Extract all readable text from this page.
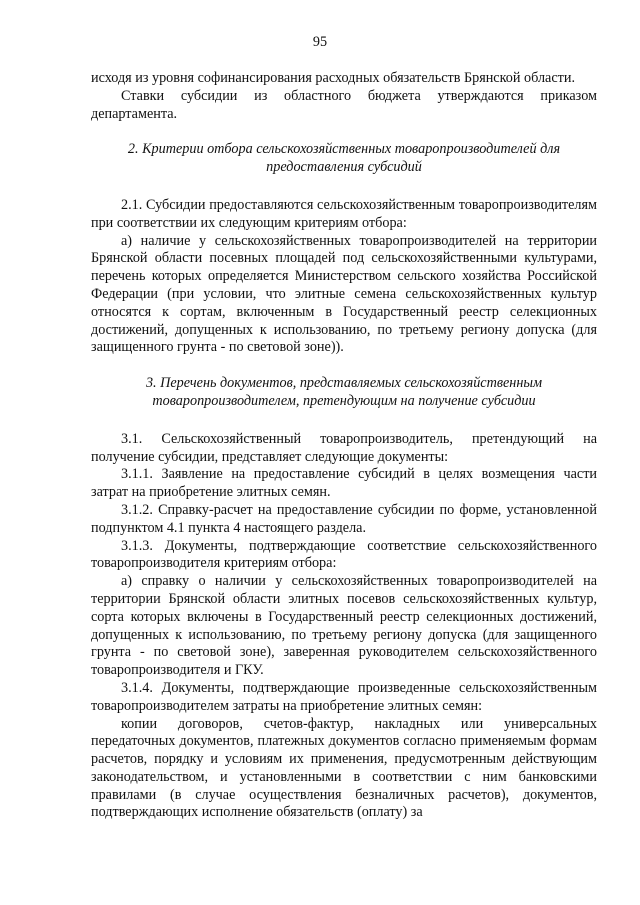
95

исходя из уровня софинансирования расходных обязательств Брянской области.

Ставки субсидии из областного бюджета утверждаются приказом департамента.

2. Критерии отбора сельскохозяйственных товаропроизводителей для предоставления субсидий

2.1. Субсидии предоставляются сельскохозяйственным товаропроизводителям при соответствии их следующим критериям отбора:

а) наличие у сельскохозяйственных товаропроизводителей на территории Брянской области посевных площадей под сельскохозяйственными культурами, перечень которых определяется Министерством сельского хозяйства Российской Федерации (при условии, что элитные семена сельскохозяйственных культур относятся к сортам, включенным в Государственный реестр селекционных достижений, допущенных к использованию, по третьему региону допуска (для защищенного грунта - по световой зоне)).

3. Перечень документов, представляемых сельскохозяйственным товаропроизводителем, претендующим на получение субсидии

3.1. Сельскохозяйственный товаропроизводитель, претендующий на получение субсидии, представляет следующие документы:

3.1.1. Заявление на предоставление субсидий в целях возмещения части затрат на приобретение элитных семян.

3.1.2. Справку-расчет на предоставление субсидии по форме, установленной подпунктом 4.1 пункта 4 настоящего раздела.

3.1.3. Документы, подтверждающие соответствие сельскохозяйственного товаропроизводителя критериям отбора:

а) справку о наличии у сельскохозяйственных товаропроизводителей на территории Брянской области элитных посевов сельскохозяйственных культур, сорта которых включены в Государственный реестр селекционных достижений, допущенных к использованию, по третьему региону допуска (для защищенного грунта - по световой зоне), заверенная руководителем сельскохозяйственного товаропроизводителя и ГКУ.

3.1.4. Документы, подтверждающие произведенные сельскохозяйственным товаропроизводителем затраты на приобретение элитных семян:

копии договоров, счетов-фактур, накладных или универсальных передаточных документов, платежных документов согласно применяемым формам расчетов, порядку и условиям их применения, предусмотренным действующим законодательством, и установленными в соответствии с ним банковскими правилами (в случае осуществления безналичных расчетов), документов, подтверждающих исполнение обязательств (оплату) за
